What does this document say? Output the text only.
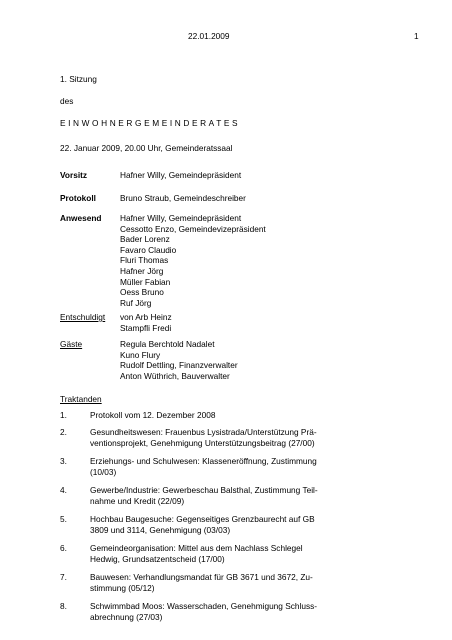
22.01.2009	1
1. Sitzung
des
EINWOHNERGEMEINDERATES
22. Januar 2009, 20.00 Uhr, Gemeinderatssaal
Vorsitz	Hafner Willy, Gemeindepräsident
Protokoll	Bruno Straub, Gemeindeschreiber
Anwesend Hafner Willy, Gemeindepräsident
Cessotto Enzo, Gemeindevizepräsident
Bader Lorenz
Favaro Claudio
Fluri Thomas
Hafner Jörg
Müller Fabian
Oess Bruno
Ruf Jörg
Entschuldigt von Arb Heinz
Stampfli Fredi
Gäste	Regula Berchtold Nadalet
Kuno Flury
Rudolf Dettling, Finanzverwalter
Anton Wüthrich, Bauverwalter
Traktanden
1.	Protokoll vom 12. Dezember 2008
2.	Gesundheitswesen: Frauenbus Lysistrada/Unterstützung Prä-
ventionsprojekt, Genehmigung Unterstützungsbeitrag (27/00)
3.	Erziehungs- und Schulwesen: Klasseneröffnung, Zustimmung
(10/03)
4.	Gewerbe/Industrie: Gewerbeschau Balsthal, Zustimmung Teil-
nahme und Kredit (22/09)
5.	Hochbau Baugesuche: Gegenseitiges Grenzbaurecht auf GB
3809 und 3114, Genehmigung (03/03)
6.	Gemeindeorganisation: Mittel aus dem Nachlass Schlegel
Hedwig, Grundsatzentscheid (17/00)
7.	Bauwesen: Verhandlungsmandat für GB 3671 und 3672, Zu-
stimmung (05/12)
8.	Schwimmbad Moos: Wasserschaden, Genehmigung Schluss-
abrechnung (27/03)
